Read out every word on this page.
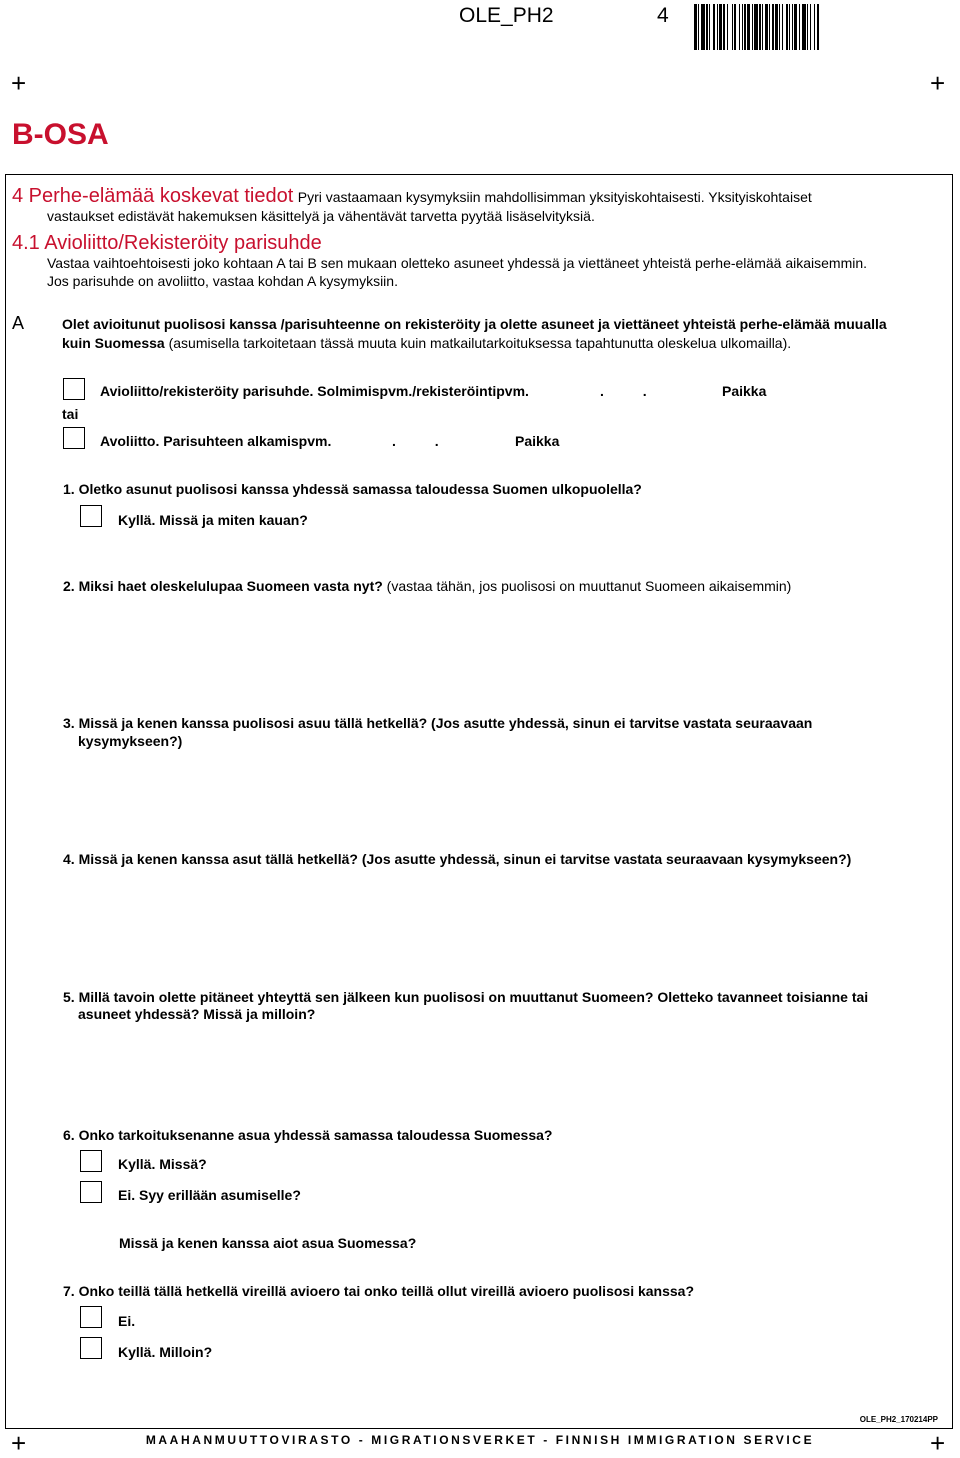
OLE_PH2	4
+	+
+	+
B-OSA
4 Perhe-elämää koskevat tiedot Pyri vastaamaan kysymyksiin mahdollisimman yksityiskohtaisesti. Yksityiskohtaiset
vastaukset edistävät hakemuksen käsittelyä ja vähentävät tarvetta pyytää lisäselvityksiä.
4.1 Avioliitto/Rekisteröity parisuhde
Vastaa vaihtoehtoisesti joko kohtaan A tai B sen mukaan oletteko asuneet yhdessä ja viettäneet yhteistä perhe-elämää aikaisemmin.
Jos parisuhde on avoliitto, vastaa kohdan A kysymyksiin.
A	Olet avioitunut puolisosi kanssa /parisuhteenne on rekisteröity ja olette asuneet ja viettäneet yhteistä perhe-elämää muualla
kuin Suomessa (asumisella tarkoitetaan tässä muuta kuin matkailutarkoituksessa tapahtunutta oleskelua ulkomailla).
Avioliitto/rekisteröity parisuhde. Solmimispvm./rekisteröintipvm.	.          .	Paikka
tai
Avoliitto. Parisuhteen alkamispvm.	.          .	Paikka
1. Oletko asunut puolisosi kanssa yhdessä samassa taloudessa Suomen ulkopuolella?
Kyllä. Missä ja miten kauan?
2. Miksi haet oleskelulupaa Suomeen vasta nyt? (vastaa tähän, jos puolisosi on muuttanut Suomeen aikaisemmin)
3. Missä ja kenen kanssa puolisosi asuu tällä hetkellä? (Jos asutte yhdessä, sinun ei tarvitse vastata seuraavaan
kysymykseen?)
4. Missä ja kenen kanssa asut tällä hetkellä? (Jos asutte yhdessä, sinun ei tarvitse vastata seuraavaan kysymykseen?)
5. Millä tavoin olette pitäneet yhteyttä sen jälkeen kun puolisosi on muuttanut Suomeen? Oletteko tavanneet toisianne tai
asuneet yhdessä? Missä ja milloin?
6. Onko tarkoituksenanne asua yhdessä samassa taloudessa Suomessa?
Kyllä. Missä?
Ei. Syy erillään asumiselle?
Missä ja kenen kanssa aiot asua Suomessa?
7. Onko teillä tällä hetkellä vireillä avioero tai onko teillä ollut vireillä avioero puolisosi kanssa?
Ei.
Kyllä. Milloin?
OLE_PH2_170214PP
MAAHANMUUTTOVIRASTO - MIGRATIONSVERKET - FINNISH IMMIGRATION SERVICE
